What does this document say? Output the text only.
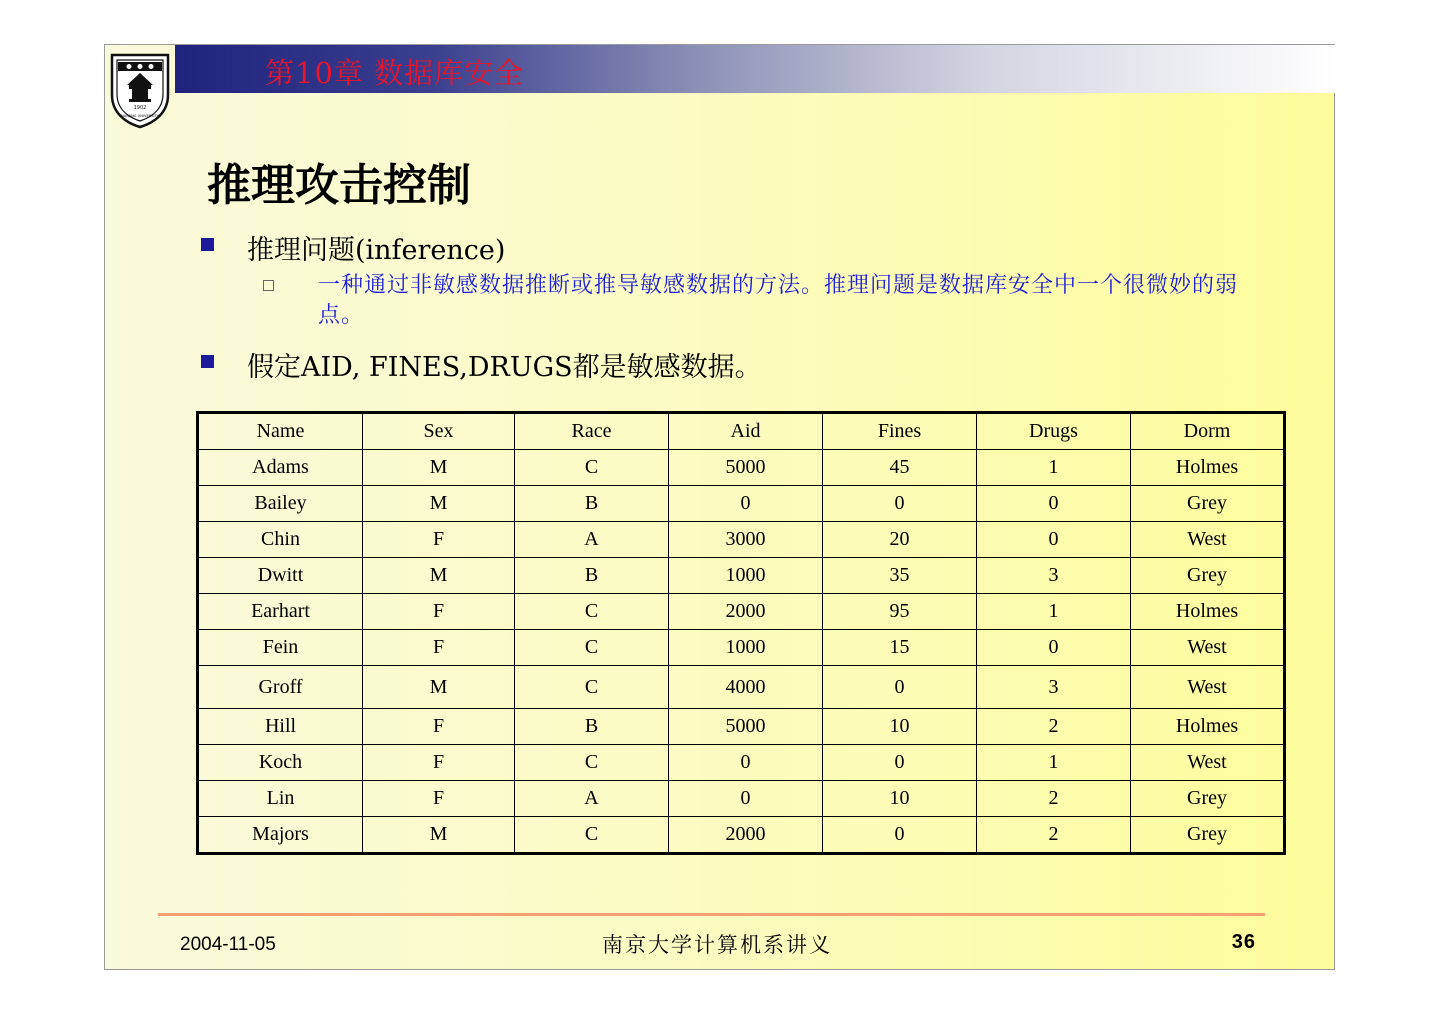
第10章 数据库安全
1902
NANJING UNIVERSITY
推理攻击控制
推理问题(inference)
一种通过非敏感数据推断或推导敏感数据的方法。推理问题是数据库安全中一个很微妙的弱点。
假定AID, FINES,DRUGS都是敏感数据。
Name	Sex	Race	Aid	Fines	Drugs	Dorm
Adams	M	C	5000	45	1	Holmes
Bailey	M	B	0	0	0	Grey
Chin	F	A	3000	20	0	West
Dwitt	M	B	1000	35	3	Grey
Earhart	F	C	2000	95	1	Holmes
Fein	F	C	1000	15	0	West
Groff	M	C	4000	0	3	West
Hill	F	B	5000	10	2	Holmes
Koch	F	C	0	0	1	West
Lin	F	A	0	10	2	Grey
Majors	M	C	2000	0	2	Grey
2004-11-05	南京大学计算机系讲义	36
